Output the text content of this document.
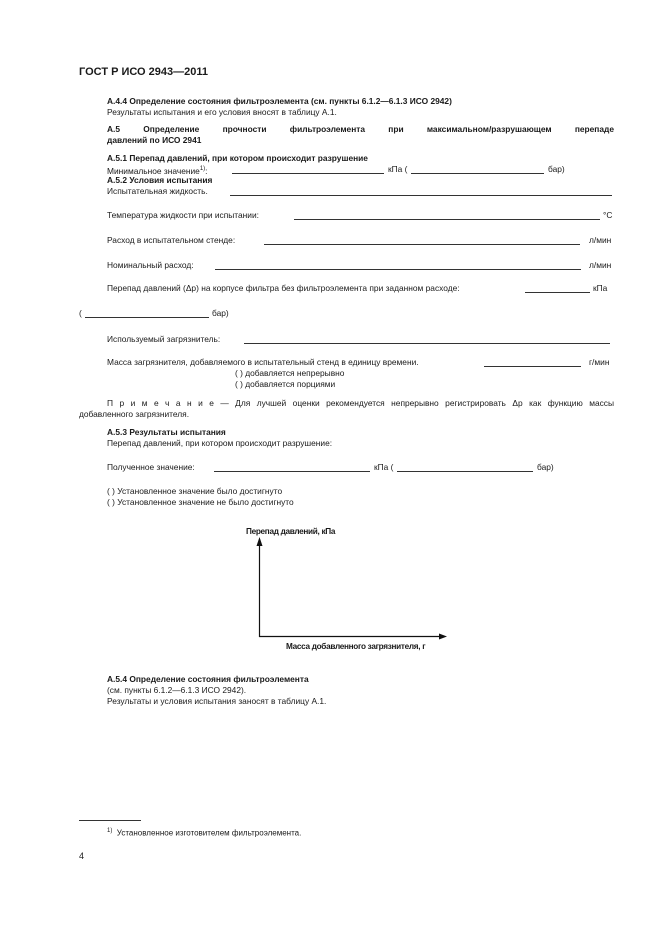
ГОСТ Р ИСО 2943—2011
А.4.4 Определение состояния фильтроэлемента (см. пункты 6.1.2—6.1.3 ИСО 2942)
Результаты испытания и его условия вносят в таблицу А.1.
А.5 Определение прочности фильтроэлемента при максимальном/разрушающем перепаде
давлений по ИСО 2941
А.5.1 Перепад давлений, при котором происходит разрушение
Минимальное значение$^{1)}$:	кПа (	бар)
А.5.2 Условия испытания
Испытательная жидкость.
Температура жидкости при испытании:	°С
Расход в испытательном стенде:	л/мин
Номинальный расход:	л/мин
Перепад давлений (Δp) на корпусе фильтра без фильтроэлемента при заданном расходе:	кПа
(	бар)
Используемый загрязнитель:
Масса загрязнителя, добавляемого в испытательный стенд в единицу времени.	г/мин
( ) добавляется непрерывно
( ) добавляется порциями
П р и м е ч а н и е — Для лучшей оценки рекомендуется непрерывно регистрировать Δp как функцию массы
добавленного загрязнителя.
А.5.3 Результаты испытания
Перепад давлений, при котором происходит разрушение:
Полученное значение:	кПа (	бар)
( ) Установленное значение было достигнуто
( ) Установленное значение не было достигнуто
Перепад давлений, кПа
Масса добавленного загрязнителя, г
А.5.4 Определение состояния фильтроэлемента
(см. пункты 6.1.2—6.1.3 ИСО 2942).
Результаты и условия испытания заносят в таблицу А.1.
$^{1)}$ Установленное изготовителем фильтроэлемента.
4
